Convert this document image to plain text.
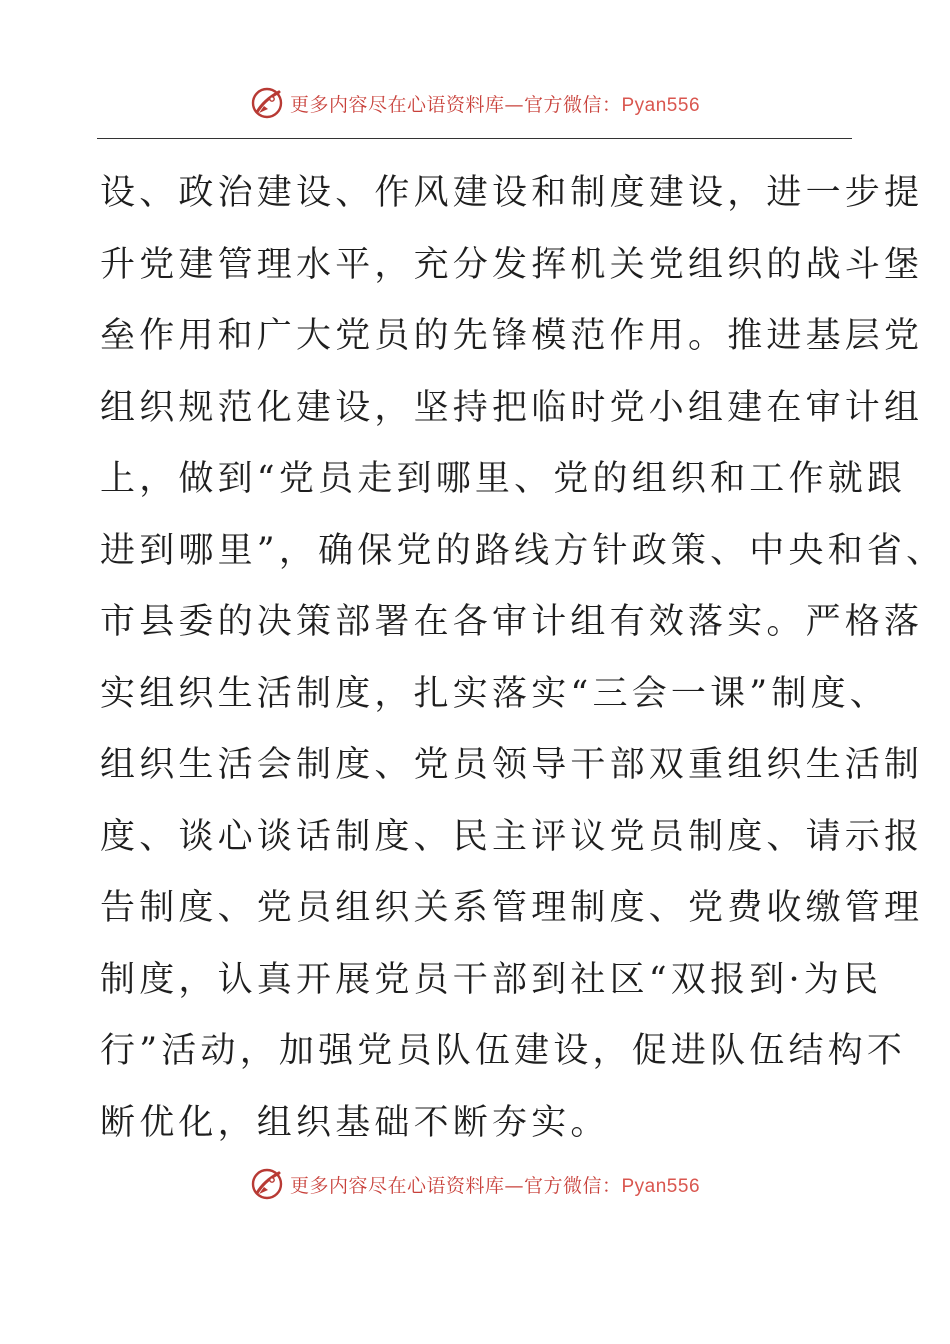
更多内容尽在心语资料库—官方微信：Pyan556
设、政治建设、作风建设和制度建设，进一步提
升党建管理水平，充分发挥机关党组织的战斗堡
垒作用和广大党员的先锋模范作用。推进基层党
组织规范化建设，坚持把临时党小组建在审计组
上，做到“党员走到哪里、党的组织和工作就跟
进到哪里”，确保党的路线方针政策、中央和省、
市县委的决策部署在各审计组有效落实。严格落
实组织生活制度，扎实落实“三会一课”制度、
组织生活会制度、党员领导干部双重组织生活制
度、谈心谈话制度、民主评议党员制度、请示报
告制度、党员组织关系管理制度、党费收缴管理
制度，认真开展党员干部到社区“双报到·为民
行”活动，加强党员队伍建设，促进队伍结构不
断优化，组织基础不断夯实。
更多内容尽在心语资料库—官方微信：Pyan556
